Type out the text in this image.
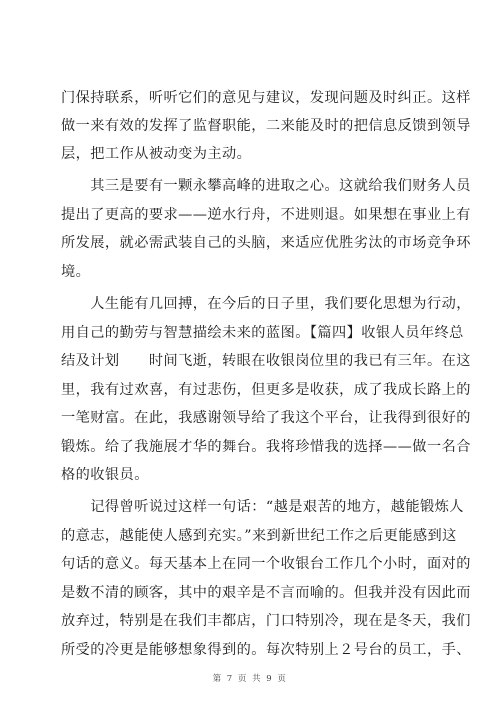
门保持联系，听听它们的意见与建议，发现问题及时纠正。这样
做一来有效的发挥了监督职能，二来能及时的把信息反馈到领导
层，把工作从被动变为主动。
　　其三是要有一颗永攀高峰的进取之心。这就给我们财务人员
提出了更高的要求——逆水行舟，不进则退。如果想在事业上有
所发展，就必需武装自己的头脑，来适应优胜劣汰的市场竞争环
境。
　　人生能有几回搏，在今后的日子里，我们要化思想为行动，
用自己的勤劳与智慧描绘未来的蓝图。【篇四】收银人员年终总
结及计划　　时间飞逝，转眼在收银岗位里的我已有三年。在这
里，我有过欢喜，有过悲伤，但更多是收获，成了我成长路上的
一笔财富。在此，我感谢领导给了我这个平台，让我得到很好的
锻炼。给了我施展才华的舞台。我将珍惜我的选择——做一名合
格的收银员。
　　记得曾听说过这样一句话：“越是艰苦的地方，越能锻炼人
的意志，越能使人感到充实。”来到新世纪工作之后更能感到这
句话的意义。每天基本上在同一个收银台工作几个小时，面对的
是数不清的顾客，其中的艰辛是不言而喻的。但我并没有因此而
放弃过，特别是在我们丰都店，门口特别冷，现在是冬天，我们
所受的冷更是能够想象得到的。每次特别上２号台的员工，手、
第 7 页 共 9 页
